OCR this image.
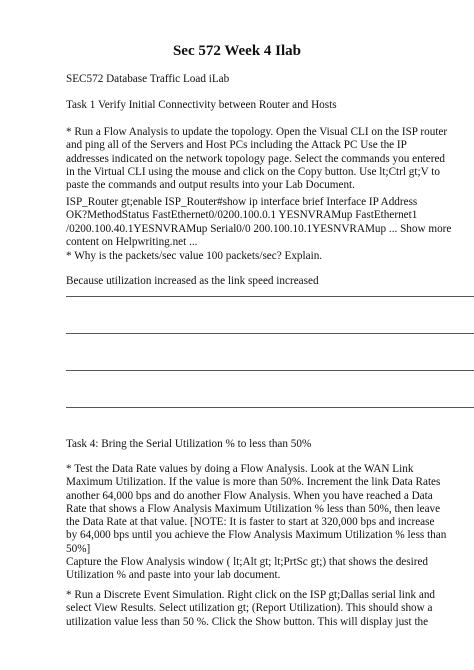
Sec 572 Week 4 Ilab

SEC572 Database Traffic Load iLab

Task 1 Verify Initial Connectivity between Router and Hosts

* Run a Flow Analysis to update the topology. Open the Visual CLI on the ISP router
and ping all of the Servers and Host PCs including the Attack PC Use the IP
addresses indicated on the network topology page. Select the commands you entered
in the Virtual CLI using the mouse and click on the Copy button. Use lt;Ctrl gt;V to
paste the commands and output results into your Lab Document.

ISP_Router gt;enable ISP_Router#show ip interface brief Interface IP Address
OK?MethodStatus FastEthernet0/0200.100.0.1 YESNVRAMup FastEthernet1
/0200.100.40.1YESNVRAMup Serial0/0 200.100.10.1YESNVRAMup ... Show more
content on Helpwriting.net ...

* Why is the packets/sec value 100 packets/sec? Explain.

Because utilization increased as the link speed increased

Task 4: Bring the Serial Utilization % to less than 50%

* Test the Data Rate values by doing a Flow Analysis. Look at the WAN Link
Maximum Utilization. If the value is more than 50%. Increment the link Data Rates
another 64,000 bps and do another Flow Analysis. When you have reached a Data
Rate that shows a Flow Analysis Maximum Utilization % less than 50%, then leave
the Data Rate at that value. [NOTE: It is faster to start at 320,000 bps and increase
by 64,000 bps until you achieve the Flow Analysis Maximum Utilization % less than
50%]
Capture the Flow Analysis window ( lt;Alt gt; lt;PrtSc gt;) that shows the desired
Utilization % and paste into your lab document.

* Run a Discrete Event Simulation. Right click on the ISP gt;Dallas serial link and
select View Results. Select utilization gt; (Report Utilization). This should show a
utilization value less than 50 %. Click the Show button. This will display just the
